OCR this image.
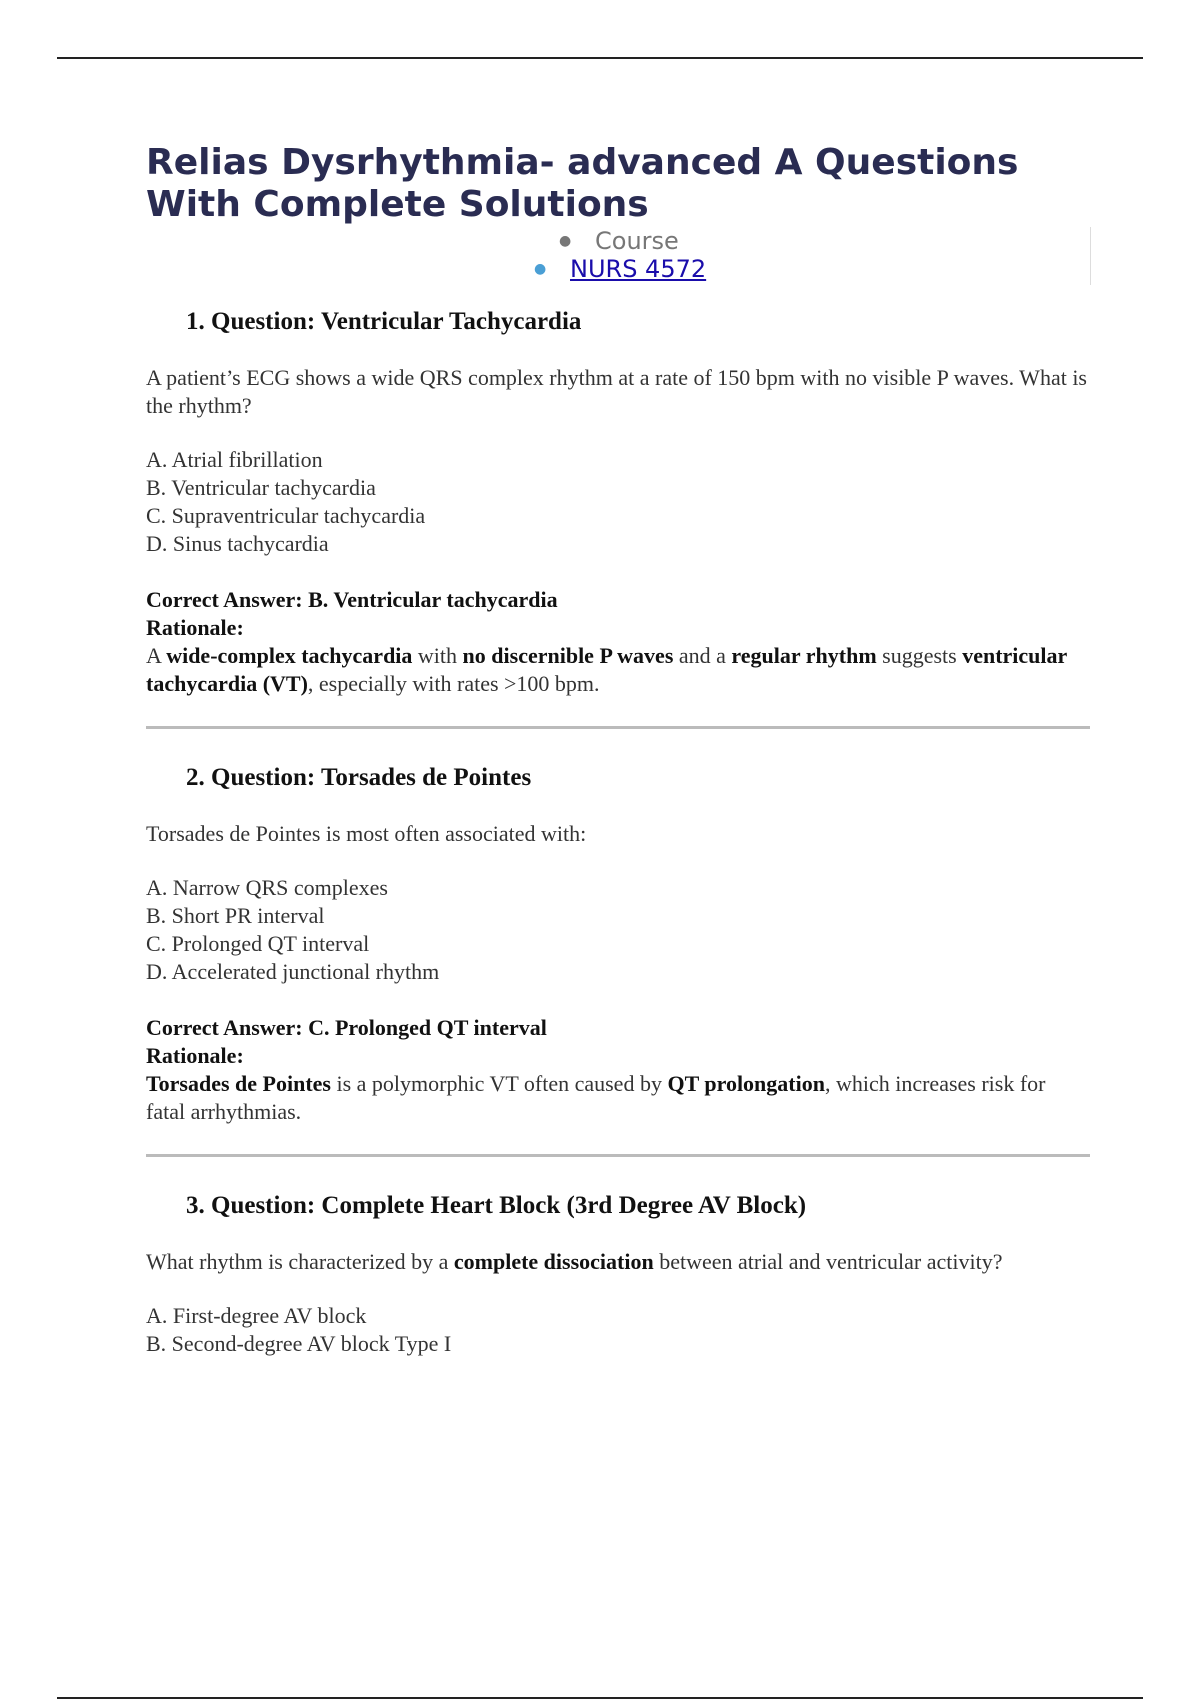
Relias Dysrhythmia- advanced A Questions With Complete Solutions
● Course
● NURS 4572
1. Question: Ventricular Tachycardia

A patient’s ECG shows a wide QRS complex rhythm at a rate of 150 bpm with no visible P waves. What is the rhythm?

A. Atrial fibrillation
B. Ventricular tachycardia
C. Supraventricular tachycardia
D. Sinus tachycardia
Correct Answer: B. Ventricular tachycardia
Rationale:
A wide-complex tachycardia with no discernible P waves and a regular rhythm suggests ventricular tachycardia (VT), especially with rates >100 bpm.
2. Question: Torsades de Pointes

Torsades de Pointes is most often associated with:

A. Narrow QRS complexes
B. Short PR interval
C. Prolonged QT interval
D. Accelerated junctional rhythm
Correct Answer: C. Prolonged QT interval
Rationale:
Torsades de Pointes is a polymorphic VT often caused by QT prolongation, which increases risk for fatal arrhythmias.
3. Question: Complete Heart Block (3rd Degree AV Block)

What rhythm is characterized by a complete dissociation between atrial and ventricular activity?

A. First-degree AV block
B. Second-degree AV block Type I
